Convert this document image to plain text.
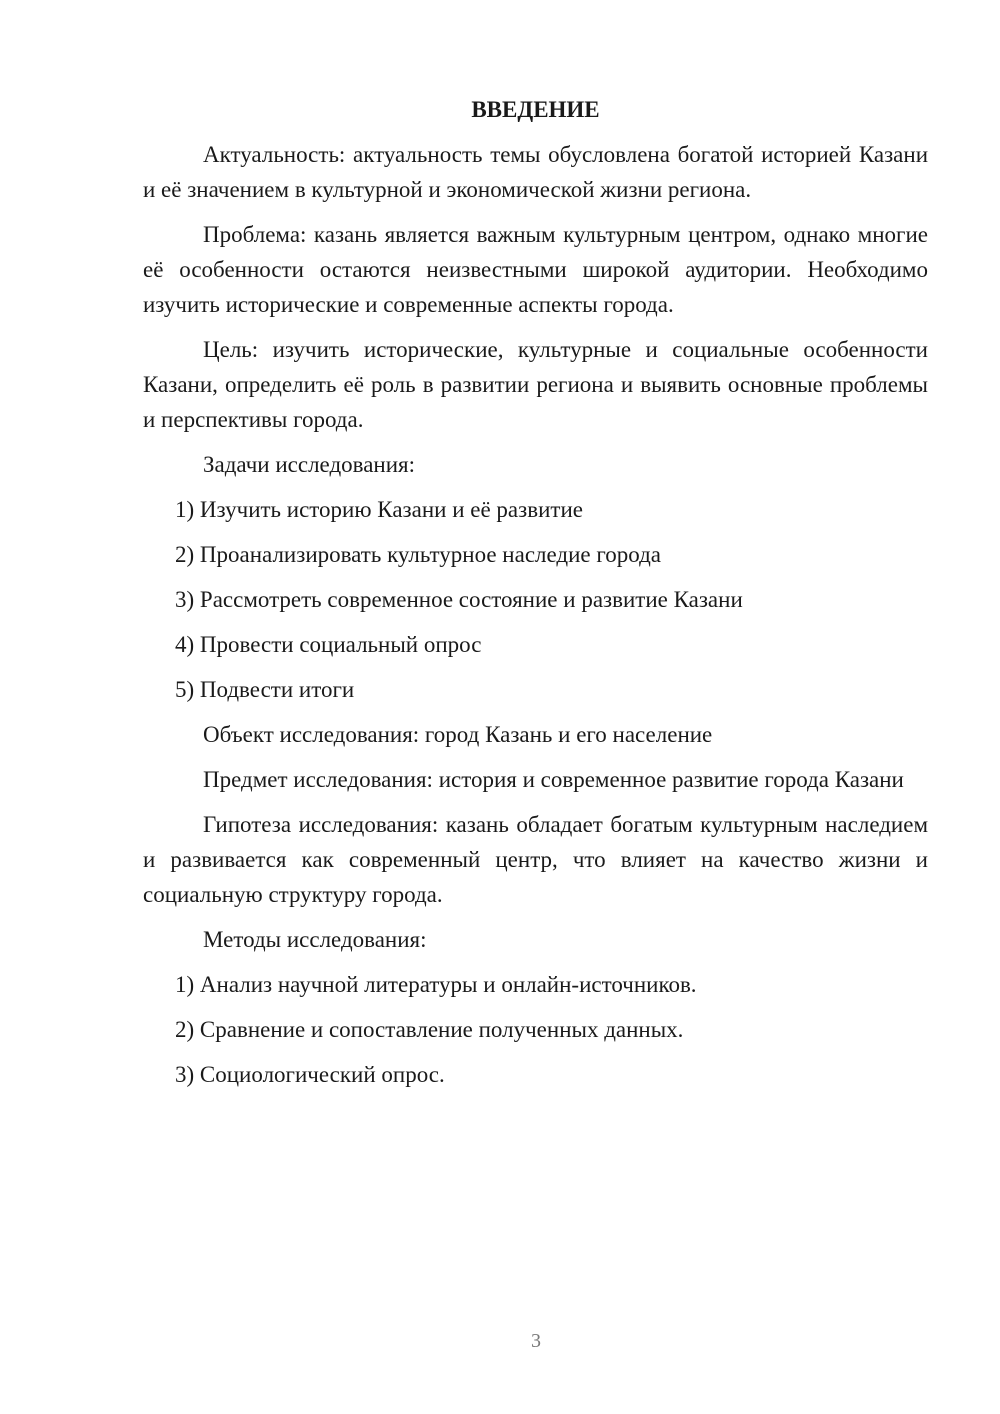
ВВЕДЕНИЕ

Актуальность: актуальность темы обусловлена богатой историей Казани и её значением в культурной и экономической жизни региона.

Проблема: казань является важным культурным центром, однако многие её особенности остаются неизвестными широкой аудитории. Необходимо изучить исторические и современные аспекты города.

Цель: изучить исторические, культурные и социальные особенности Казани, определить её роль в развитии региона и выявить основные проблемы и перспективы города.

Задачи исследования:

1) Изучить историю Казани и её развитие

2) Проанализировать культурное наследие города

3) Рассмотреть современное состояние и развитие Казани

4) Провести социальный опрос

5) Подвести итоги

Объект исследования: город Казань и его население

Предмет исследования: история и современное развитие города Казани

Гипотеза исследования: казань обладает богатым культурным наследием и развивается как современный центр, что влияет на качество жизни и социальную структуру города.

Методы исследования:

1) Анализ научной литературы и онлайн-источников.

2) Сравнение и сопоставление полученных данных.

3) Социологический опрос.

3
